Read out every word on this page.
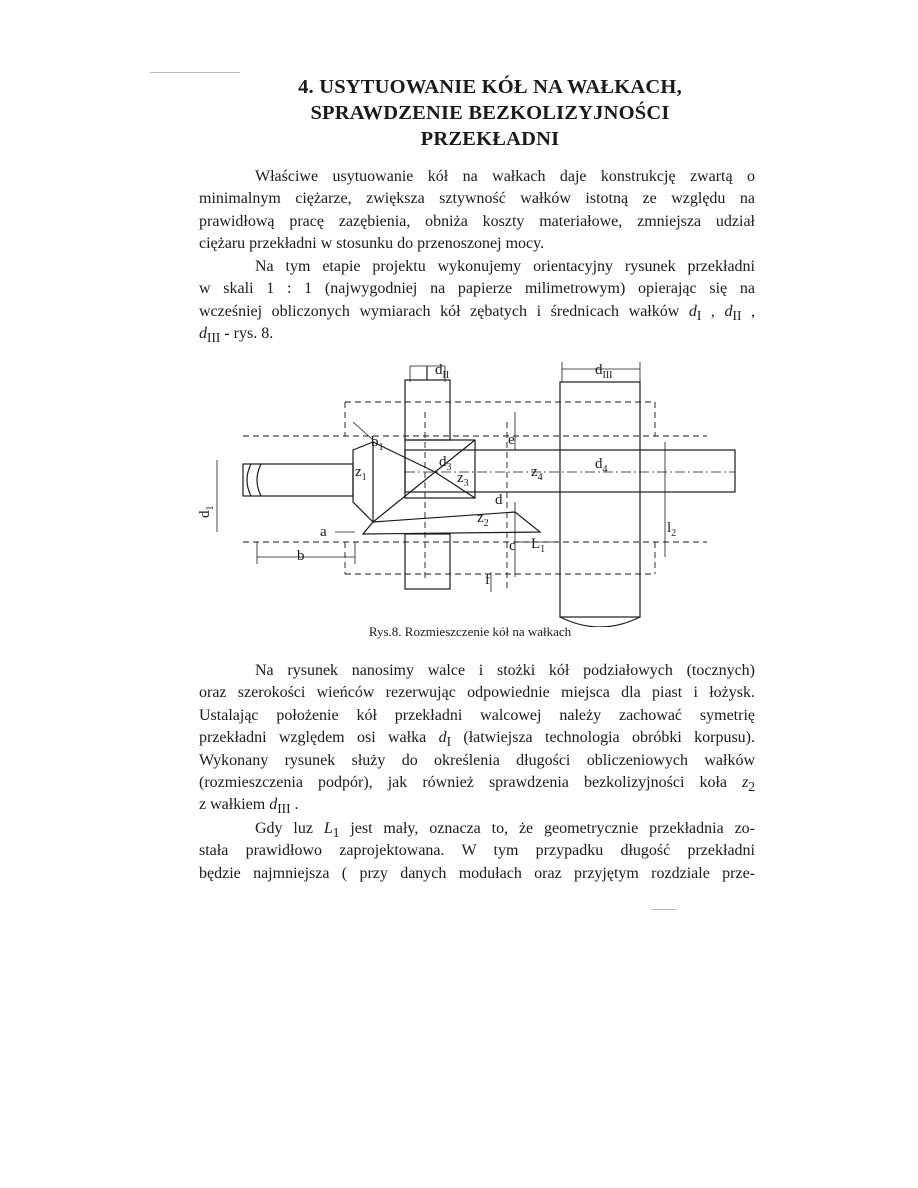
4. USYTUOWANIE KÓŁ NA WAŁKACH,
SPRAWDZENIE BEZKOLIZYJNOŚCI
PRZEKŁADNI
Właściwe usytuowanie kół na wałkach daje konstrukcję zwartą o
minimalnym ciężarze, zwiększa sztywność wałków istotną ze względu na
prawidłową pracę zazębienia, obniża koszty materiałowe, zmniejsza udział
ciężaru przekładni w stosunku do przenoszonej mocy.
Na tym etapie projektu wykonujemy orientacyjny rysunek przekładni
w skali 1 : 1 (najwygodniej na papierze milimetrowym) opierając się na
wcześniej obliczonych wymiarach kół zębatych i średnicach wałków $d_I$ , $d_{II}$ ,
$d_{III}$ - rys. 8.
$d_{II}$	$d_{III}$
$d_1$
$d_3$	$d_4$
$z_1$
$z_2$
$z_3$
$z_4$
$b_1$
a
b
c
d
e
f
$l_2$
$L_1$
Rys.8. Rozmieszczenie kół na wałkach
Na rysunek nanosimy walce i stożki kół podziałowych (tocznych)
oraz szerokości wieńców rezerwując odpowiednie miejsca dla piast i łożysk.
Ustalając położenie kół przekładni walcowej należy zachować symetrię
przekładni względem osi wałka $d_I$ (łatwiejsza technologia obróbki korpusu).
Wykonany rysunek służy do określenia długości obliczeniowych wałków
(rozmieszczenia podpór), jak również sprawdzenia bezkolizyjności koła $z_2$
z wałkiem $d_{III}$ .
Gdy luz $L_1$ jest mały, oznacza to, że geometrycznie przekładnia zo-
stała prawidłowo zaprojektowana. W tym przypadku długość przekładni
będzie najmniejsza ( przy danych modułach oraz przyjętym rozdziale prze-
